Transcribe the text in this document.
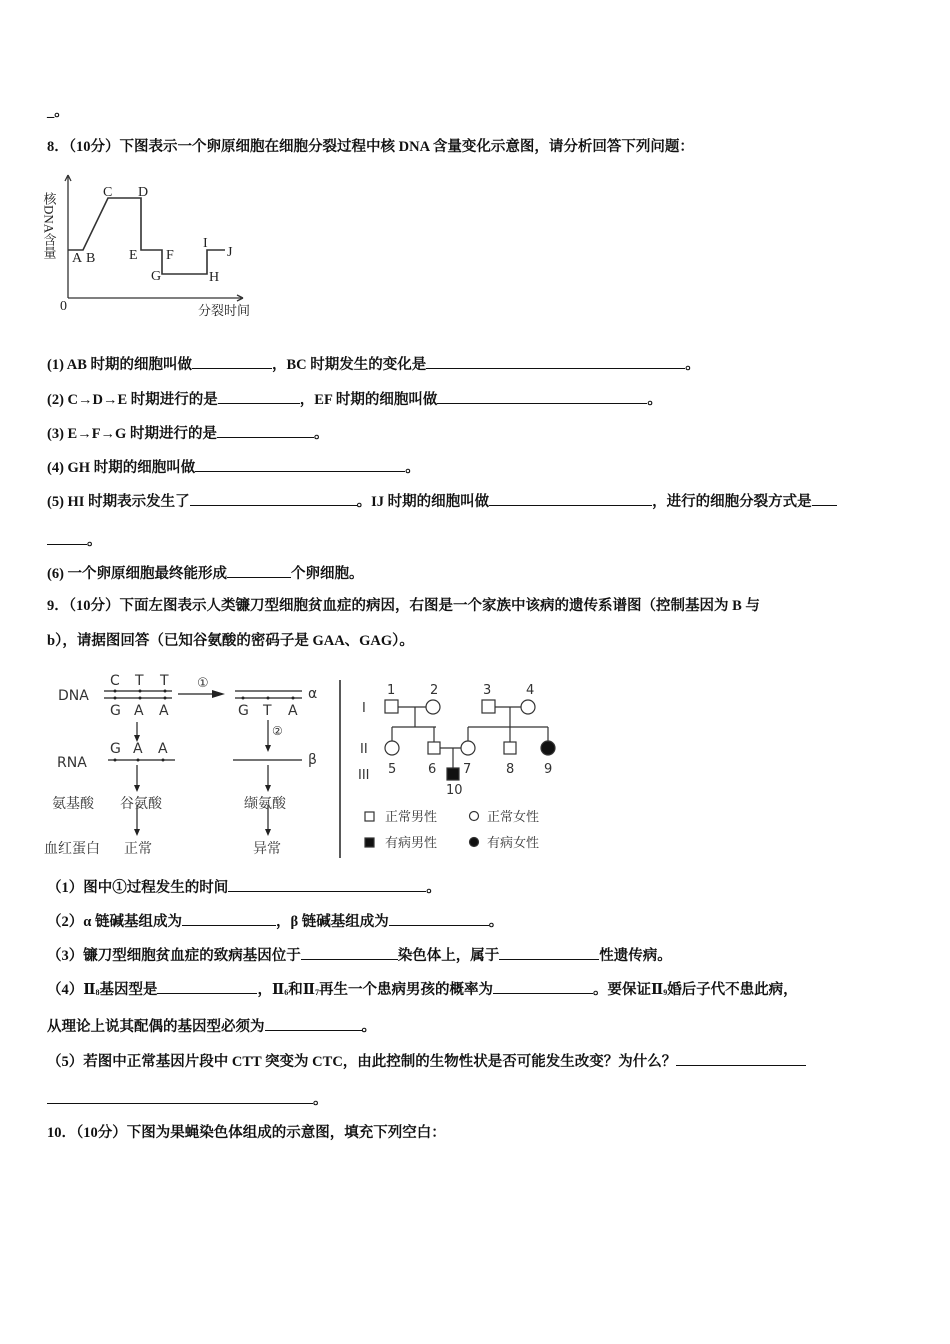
_。
8．（10分）下图表示一个卵原细胞在细胞分裂过程中核 DNA 含量变化示意图，请分析回答下列问题：
核DNA含量
0	分裂时间
A B
C D
E F
G	H
I
J
(1) AB 时期的细胞叫做	，BC 时期发生的变化是	。
(2) C→D→E 时期进行的是	，EF 时期的细胞叫做	。
(3) E→F→G 时期进行的是	。
(4) GH 时期的细胞叫做	。
(5) HI 时期表示发生了	。IJ 时期的细胞叫做	，进行的细胞分裂方式是
。
(6) 一个卵原细胞最终能形成	个卵细胞。
9．（10分）下面左图表示人类镰刀型细胞贫血症的病因，右图是一个家族中该病的遗传系谱图（控制基因为 B 与
b），请据图回答（已知谷氨酸的密码子是 GAA、GAG）。
DNA
RNA
C T T
G A A
G A A
G T A
①
②
α
β
氨基酸 谷氨酸	缬氨酸
血红蛋白 正常	异常
I
II
III
1	2	3	4
5 6 7	8 9
10
正常男性	正常女性
有病男性	有病女性
（1）图中①过程发生的时间	。
（2）α 链碱基组成为	，β 链碱基组成为	。
（3）镰刀型细胞贫血症的致病基因位于	染色体上，属于	性遗传病。
$(4)Ⅱ_8$基因型是	，$Ⅱ_6$和$Ⅱ_7$再生一个患病男孩的概率为	。要保证$Ⅱ_9$婚后子代不患此病，
从理论上说其配偶的基因型必须为	。
（5）若图中正常基因片段中 CTT 突变为 CTC，由此控制的生物性状是否可能发生改变？为什么？
。
10．（10分）下图为果蝇染色体组成的示意图，填充下列空白：
